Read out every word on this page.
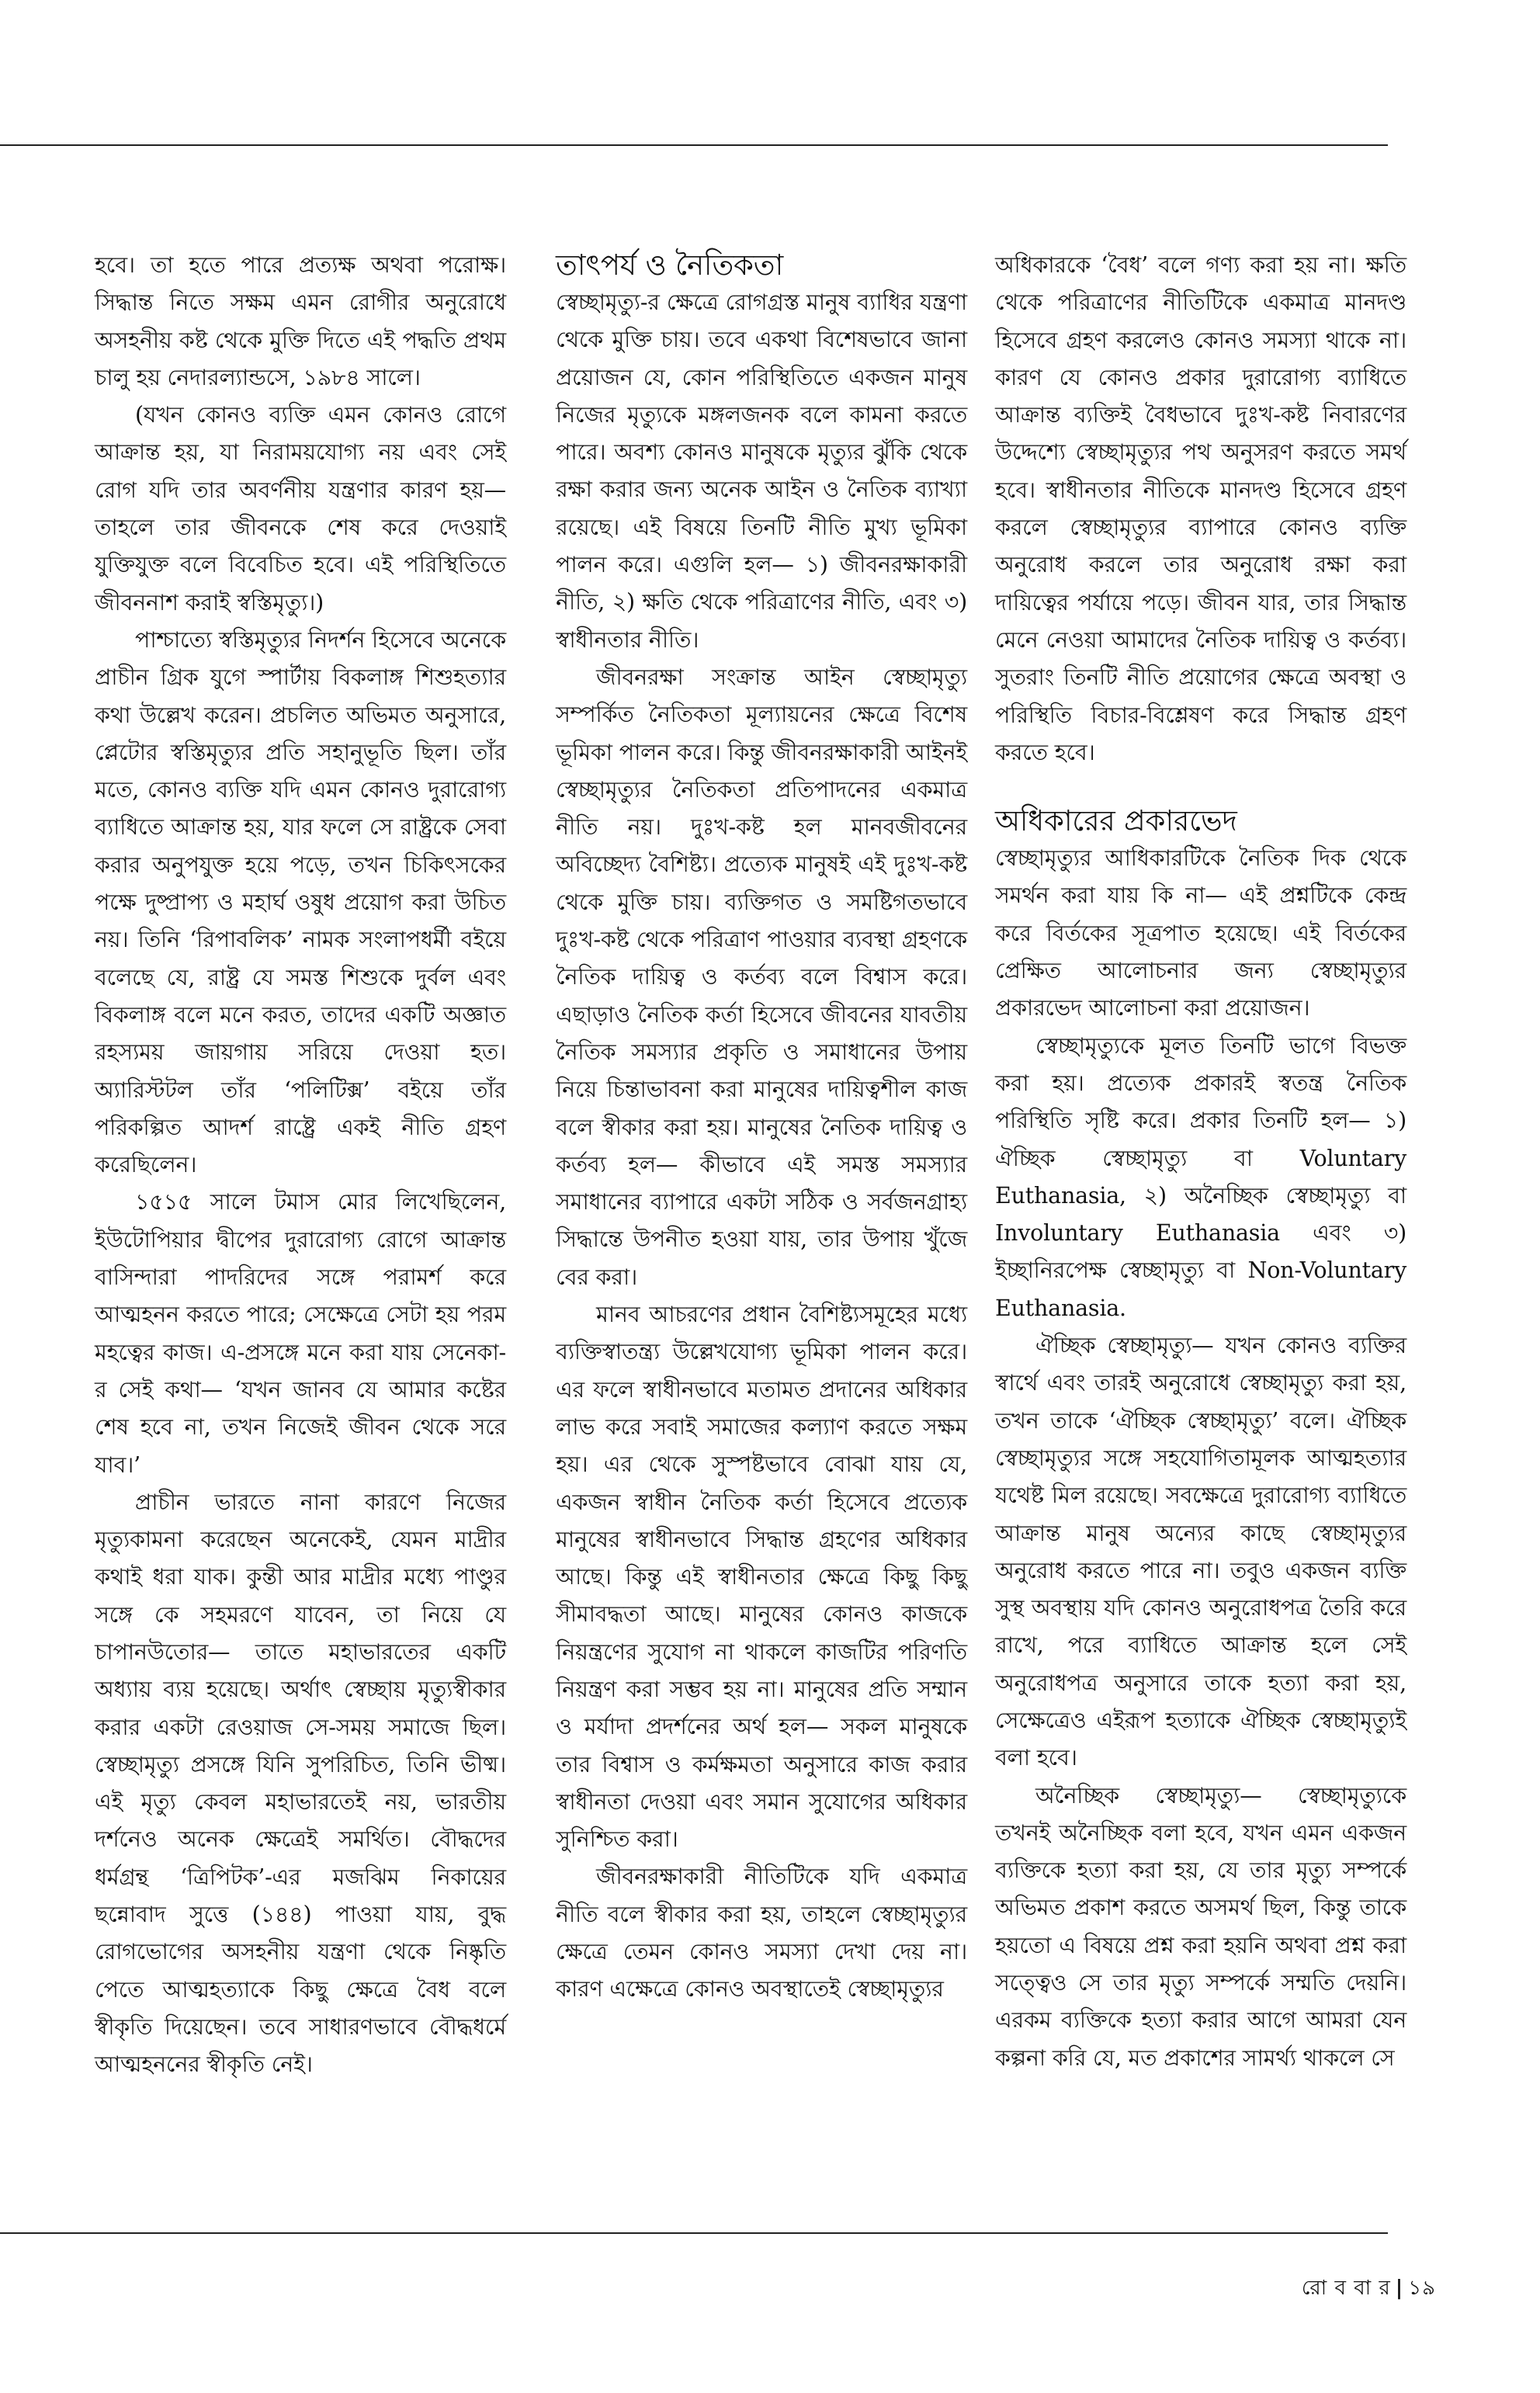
হবে। তা হতে পারে প্রত্যক্ষ অথবা পরোক্ষ। সিদ্ধান্ত নিতে সক্ষম এমন রোগীর অনুরোধে অসহনীয় কষ্ট থেকে মুক্তি দিতে এই পদ্ধতি প্রথম চালু হয় নেদারল্যান্ডসে, ১৯৮৪ সালে।

(যখন কোনও ব্যক্তি এমন কোনও রোগে আক্রান্ত হয়, যা নিরাময়যোগ্য নয় এবং সেই রোগ যদি তার অবর্ণনীয় যন্ত্রণার কারণ হয়— তাহলে তার জীবনকে শেষ করে দেওয়াই যুক্তিযুক্ত বলে বিবেচিত হবে। এই পরিস্থিতিতে জীবননাশ করাই স্বস্তিমৃত্যু।)

পাশ্চাত্যে স্বস্তিমৃত্যুর নিদর্শন হিসেবে অনেকে প্রাচীন গ্রিক যুগে স্পার্টায় বিকলাঙ্গ শিশুহত্যার কথা উল্লেখ করেন। প্রচলিত অভিমত অনুসারে, প্লেটোর স্বস্তিমৃত্যুর প্রতি সহানুভূতি ছিল। তাঁর মতে, কোনও ব্যক্তি যদি এমন কোনও দুরারোগ্য ব্যাধিতে আক্রান্ত হয়, যার ফলে সে রাষ্ট্রকে সেবা করার অনুপযুক্ত হয়ে পড়ে, তখন চিকিৎসকের পক্ষে দুষ্প্রাপ্য ও মহার্ঘ ওষুধ প্রয়োগ করা উচিত নয়। তিনি ‘রিপাবলিক’ নামক সংলাপধর্মী বইয়ে বলেছে যে, রাষ্ট্র যে সমস্ত শিশুকে দুর্বল এবং বিকলাঙ্গ বলে মনে করত, তাদের একটি অজ্ঞাত রহস্যময় জায়গায় সরিয়ে দেওয়া হত। অ্যারিস্টটল তাঁর ‘পলিটিক্স’ বইয়ে তাঁর পরিকল্পিত আদর্শ রাষ্ট্রে একই নীতি গ্রহণ করেছিলেন।

১৫১৫ সালে টমাস মোর লিখেছিলেন, ইউটোপিয়ার দ্বীপের দুরারোগ্য রোগে আক্রান্ত বাসিন্দারা পাদরিদের সঙ্গে পরামর্শ করে আত্মহনন করতে পারে; সেক্ষেত্রে সেটা হয় পরম মহত্বের কাজ। এ-প্রসঙ্গে মনে করা যায় সেনেকা-র সেই কথা— ‘যখন জানব যে আমার কষ্টের শেষ হবে না, তখন নিজেই জীবন থেকে সরে যাব।’

প্রাচীন ভারতে নানা কারণে নিজের মৃত্যুকামনা করেছেন অনেকেই, যেমন মাদ্রীর কথাই ধরা যাক। কুন্তী আর মাদ্রীর মধ্যে পাণ্ডুর সঙ্গে কে সহমরণে যাবেন, তা নিয়ে যে চাপানউতোর— তাতে মহাভারতের একটি অধ্যায় ব্যয় হয়েছে। অর্থাৎ স্বেচ্ছায় মৃত্যুস্বীকার করার একটা রেওয়াজ সে-সময় সমাজে ছিল। স্বেচ্ছামৃত্যু প্রসঙ্গে যিনি সুপরিচিত, তিনি ভীষ্ম। এই মৃত্যু কেবল মহাভারতেই নয়, ভারতীয় দর্শনেও অনেক ক্ষেত্রেই সমর্থিত। বৌদ্ধদের ধর্মগ্রন্থ ‘ত্রিপিটক’-এর মজঝিম নিকায়ের ছন্নোবাদ সুত্তে (১৪৪) পাওয়া যায়, বুদ্ধ রোগভোগের অসহনীয় যন্ত্রণা থেকে নিষ্কৃতি পেতে আত্মহত্যাকে কিছু ক্ষেত্রে বৈধ বলে স্বীকৃতি দিয়েছেন। তবে সাধারণভাবে বৌদ্ধধর্মে আত্মহননের স্বীকৃতি নেই।

তাৎপর্য ও নৈতিকতা

স্বেচ্ছামৃত্যু-র ক্ষেত্রে রোগগ্রস্ত মানুষ ব্যাধির যন্ত্রণা থেকে মুক্তি চায়। তবে একথা বিশেষভাবে জানা প্রয়োজন যে, কোন পরিস্থিতিতে একজন মানুষ নিজের মৃত্যুকে মঙ্গলজনক বলে কামনা করতে পারে। অবশ্য কোনও মানুষকে মৃত্যুর ঝুঁকি থেকে রক্ষা করার জন্য অনেক আইন ও নৈতিক ব্যাখ্যা রয়েছে। এই বিষয়ে তিনটি নীতি মুখ্য ভূমিকা পালন করে। এগুলি হল— ১) জীবনরক্ষাকারী নীতি, ২) ক্ষতি থেকে পরিত্রাণের নীতি, এবং ৩) স্বাধীনতার নীতি।

জীবনরক্ষা সংক্রান্ত আইন স্বেচ্ছামৃত্যু সম্পর্কিত নৈতিকতা মূল্যায়নের ক্ষেত্রে বিশেষ ভূমিকা পালন করে। কিন্তু জীবনরক্ষাকারী আইনই স্বেচ্ছামৃত্যুর নৈতিকতা প্রতিপাদনের একমাত্র নীতি নয়। দুঃখ-কষ্ট হল মানবজীবনের অবিচ্ছেদ্য বৈশিষ্ট্য। প্রত্যেক মানুষই এই দুঃখ-কষ্ট থেকে মুক্তি চায়। ব্যক্তিগত ও সমষ্টিগতভাবে দুঃখ-কষ্ট থেকে পরিত্রাণ পাওয়ার ব্যবস্থা গ্রহণকে নৈতিক দায়িত্ব ও কর্তব্য বলে বিশ্বাস করে। এছাড়াও নৈতিক কর্তা হিসেবে জীবনের যাবতীয় নৈতিক সমস্যার প্রকৃতি ও সমাধানের উপায় নিয়ে চিন্তাভাবনা করা মানুষের দায়িত্বশীল কাজ বলে স্বীকার করা হয়। মানুষের নৈতিক দায়িত্ব ও কর্তব্য হল— কীভাবে এই সমস্ত সমস্যার সমাধানের ব্যাপারে একটা সঠিক ও সর্বজনগ্রাহ্য সিদ্ধান্তে উপনীত হওয়া যায়, তার উপায় খুঁজে বের করা।

মানব আচরণের প্রধান বৈশিষ্ট্যসমূহের মধ্যে ব্যক্তিস্বাতন্ত্র্য উল্লেখযোগ্য ভূমিকা পালন করে। এর ফলে স্বাধীনভাবে মতামত প্রদানের অধিকার লাভ করে সবাই সমাজের কল্যাণ করতে সক্ষম হয়। এর থেকে সুস্পষ্টভাবে বোঝা যায় যে, একজন স্বাধীন নৈতিক কর্তা হিসেবে প্রত্যেক মানুষের স্বাধীনভাবে সিদ্ধান্ত গ্রহণের অধিকার আছে। কিন্তু এই স্বাধীনতার ক্ষেত্রে কিছু কিছু সীমাবদ্ধতা আছে। মানুষের কোনও কাজকে নিয়ন্ত্রণের সুযোগ না থাকলে কাজটির পরিণতি নিয়ন্ত্রণ করা সম্ভব হয় না। মানুষের প্রতি সম্মান ও মর্যাদা প্রদর্শনের অর্থ হল— সকল মানুষকে তার বিশ্বাস ও কর্মক্ষমতা অনুসারে কাজ করার স্বাধীনতা দেওয়া এবং সমান সুযোগের অধিকার সুনিশ্চিত করা।

জীবনরক্ষাকারী নীতিটিকে যদি একমাত্র নীতি বলে স্বীকার করা হয়, তাহলে স্বেচ্ছামৃত্যুর ক্ষেত্রে তেমন কোনও সমস্যা দেখা দেয় না। কারণ এক্ষেত্রে কোনও অবস্থাতেই স্বেচ্ছামৃত্যুর

অধিকারকে ‘বৈধ’ বলে গণ্য করা হয় না। ক্ষতি থেকে পরিত্রাণের নীতিটিকে একমাত্র মানদণ্ড হিসেবে গ্রহণ করলেও কোনও সমস্যা থাকে না। কারণ যে কোনও প্রকার দুরারোগ্য ব্যাধিতে আক্রান্ত ব্যক্তিই বৈধভাবে দুঃখ-কষ্ট নিবারণের উদ্দেশ্যে স্বেচ্ছামৃত্যুর পথ অনুসরণ করতে সমর্থ হবে। স্বাধীনতার নীতিকে মানদণ্ড হিসেবে গ্রহণ করলে স্বেচ্ছামৃত্যুর ব্যাপারে কোনও ব্যক্তি অনুরোধ করলে তার অনুরোধ রক্ষা করা দায়িত্বের পর্যায়ে পড়ে। জীবন যার, তার সিদ্ধান্ত মেনে নেওয়া আমাদের নৈতিক দায়িত্ব ও কর্তব্য। সুতরাং তিনটি নীতি প্রয়োগের ক্ষেত্রে অবস্থা ও পরিস্থিতি বিচার-বিশ্লেষণ করে সিদ্ধান্ত গ্রহণ করতে হবে।

অধিকারের প্রকারভেদ

স্বেচ্ছামৃত্যুর আধিকারটিকে নৈতিক দিক থেকে সমর্থন করা যায় কি না— এই প্রশ্নটিকে কেন্দ্র করে বির্তকের সূত্রপাত হয়েছে। এই বির্তকের প্রেক্ষিত আলোচনার জন্য স্বেচ্ছামৃত্যুর প্রকারভেদ আলোচনা করা প্রয়োজন।

স্বেচ্ছামৃত্যুকে মূলত তিনটি ভাগে বিভক্ত করা হয়। প্রত্যেক প্রকারই স্বতন্ত্র নৈতিক পরিস্থিতি সৃষ্টি করে। প্রকার তিনটি হল— ১) ঐচ্ছিক স্বেচ্ছামৃত্যু বা Voluntary Euthanasia, ২) অনৈচ্ছিক স্বেচ্ছামৃত্যু বা Involuntary Euthanasia এবং ৩) ইচ্ছানিরপেক্ষ স্বেচ্ছামৃত্যু বা Non-Voluntary Euthanasia.

ঐচ্ছিক স্বেচ্ছামৃত্যু— যখন কোনও ব্যক্তির স্বার্থে এবং তারই অনুরোধে স্বেচ্ছামৃত্যু করা হয়, তখন তাকে ‘ঐচ্ছিক স্বেচ্ছামৃত্যু’ বলে। ঐচ্ছিক স্বেচ্ছামৃত্যুর সঙ্গে সহযোগিতামূলক আত্মহত্যার যথেষ্ট মিল রয়েছে। সবক্ষেত্রে দুরারোগ্য ব্যাধিতে আক্রান্ত মানুষ অন্যের কাছে স্বেচ্ছামৃত্যুর অনুরোধ করতে পারে না। তবুও একজন ব্যক্তি সুস্থ অবস্থায় যদি কোনও অনুরোধপত্র তৈরি করে রাখে, পরে ব্যাধিতে আক্রান্ত হলে সেই অনুরোধপত্র অনুসারে তাকে হত্যা করা হয়, সেক্ষেত্রেও এইরূপ হত্যাকে ঐচ্ছিক স্বেচ্ছামৃত্যুই বলা হবে।

অনৈচ্ছিক স্বেচ্ছামৃত্যু— স্বেচ্ছামৃত্যুকে তখনই অনৈচ্ছিক বলা হবে, যখন এমন একজন ব্যক্তিকে হত্যা করা হয়, যে তার মৃত্যু সম্পর্কে অভিমত প্রকাশ করতে অসমর্থ ছিল, কিন্তু তাকে হয়তো এ বিষয়ে প্রশ্ন করা হয়নি অথবা প্রশ্ন করা সত্ত্বেও সে তার মৃত্যু সম্পর্কে সম্মতি দেয়নি। এরকম ব্যক্তিকে হত্যা করার আগে আমরা যেন কল্পনা করি যে, মত প্রকাশের সামর্থ্য থাকলে সে

রো ব বা র | ১৯
